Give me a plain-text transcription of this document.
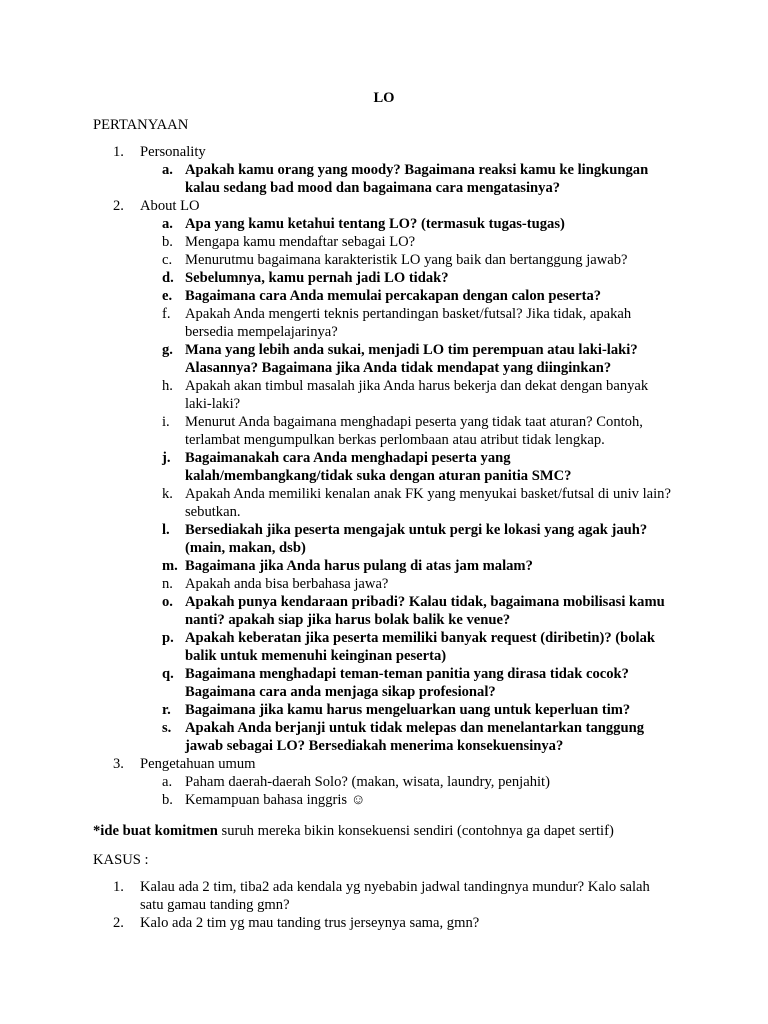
LO
PERTANYAAN
1.	Personality
a. Apakah kamu orang yang moody? Bagaimana reaksi kamu ke lingkungan kalau sedang bad mood dan bagaimana cara mengatasinya?
2.	About LO
a. Apa yang kamu ketahui tentang LO? (termasuk tugas-tugas)
b. Mengapa kamu mendaftar sebagai LO?
c. Menurutmu bagaimana karakteristik LO yang baik dan bertanggung jawab?
d. Sebelumnya, kamu pernah jadi LO tidak?
e. Bagaimana cara Anda memulai percakapan dengan calon peserta?
f. Apakah Anda mengerti teknis pertandingan basket/futsal? Jika tidak, apakah bersedia mempelajarinya?
g. Mana yang lebih anda sukai, menjadi LO tim perempuan atau laki-laki? Alasannya? Bagaimana jika Anda tidak mendapat yang diinginkan?
h. Apakah akan timbul masalah jika Anda harus bekerja dan dekat dengan banyak laki-laki?
i.	Menurut Anda bagaimana menghadapi peserta yang tidak taat aturan? Contoh, terlambat mengumpulkan berkas perlombaan atau atribut tidak lengkap.
j. Bagaimanakah cara Anda menghadapi peserta yang kalah/membangkang/tidak suka dengan aturan panitia SMC?
k. Apakah Anda memiliki kenalan anak FK yang menyukai basket/futsal di univ lain? sebutkan.
l.	Bersediakah jika peserta mengajak untuk pergi ke lokasi yang agak jauh? (main, makan, dsb)
m. Bagaimana jika Anda harus pulang di atas jam malam?
n. Apakah anda bisa berbahasa jawa?
o. Apakah punya kendaraan pribadi? Kalau tidak, bagaimana mobilisasi kamu nanti? apakah siap jika harus bolak balik ke venue?
p. Apakah keberatan jika peserta memiliki banyak request (diribetin)? (bolak balik untuk memenuhi keinginan peserta)
q. Bagaimana menghadapi teman-teman panitia yang dirasa tidak cocok? Bagaimana cara anda menjaga sikap profesional?
r. Bagaimana jika kamu harus mengeluarkan uang untuk keperluan tim?
s. Apakah Anda berjanji untuk tidak melepas dan menelantarkan tanggung jawab sebagai LO? Bersediakah menerima konsekuensinya?
3.	Pengetahuan umum
a. Paham daerah-daerah Solo? (makan, wisata, laundry, penjahit)
b. Kemampuan bahasa inggris ☺
*ide buat komitmen suruh mereka bikin konsekuensi sendiri (contohnya ga dapet sertif)
KASUS :
1.	Kalau ada 2 tim, tiba2 ada kendala yg nyebabin jadwal tandingnya mundur? Kalo salah satu gamau tanding gmn?
2.	Kalo ada 2 tim yg mau tanding trus jerseynya sama, gmn?
